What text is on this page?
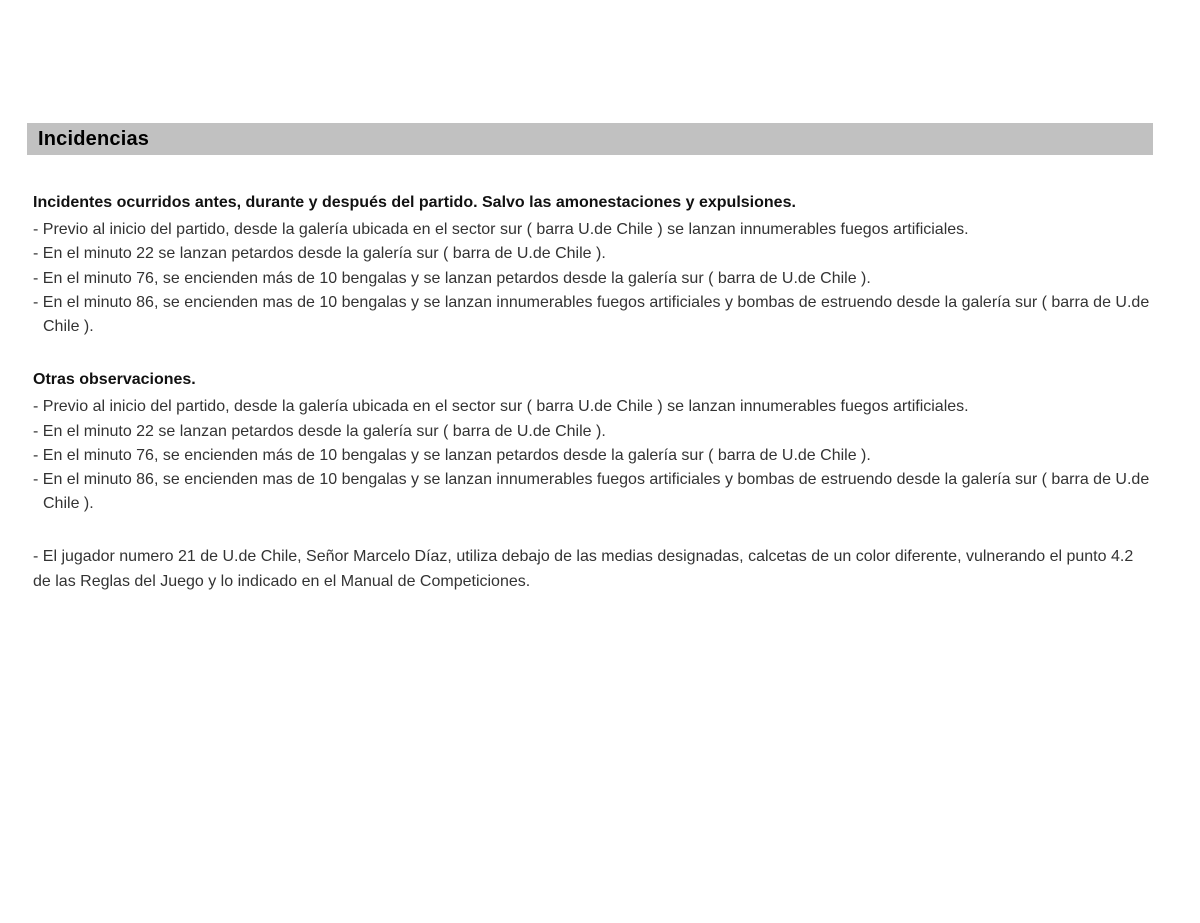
Incidencias

Incidentes ocurridos antes, durante y después del partido. Salvo las amonestaciones y expulsiones.

- Previo al inicio del partido, desde la galería ubicada en el sector sur ( barra U.de Chile ) se lanzan innumerables fuegos artificiales.

- En el minuto 22 se lanzan petardos desde la galería sur ( barra de U.de Chile ).

- En el minuto 76, se encienden más de 10 bengalas y se lanzan petardos desde la galería sur ( barra de U.de Chile ).

- En el minuto 86, se encienden mas de 10 bengalas y se lanzan innumerables fuegos artificiales y bombas de estruendo desde la galería sur ( barra de U.de Chile ).

Otras observaciones.

- Previo al inicio del partido, desde la galería ubicada en el sector sur ( barra U.de Chile ) se lanzan innumerables fuegos artificiales.

- En el minuto 22 se lanzan petardos desde la galería sur ( barra de U.de Chile ).

- En el minuto 76, se encienden más de 10 bengalas y se lanzan petardos desde la galería sur ( barra de U.de Chile ).

- En el minuto 86, se encienden mas de 10 bengalas y se lanzan innumerables fuegos artificiales y bombas de estruendo desde la galería sur ( barra de U.de Chile ).

- El jugador numero 21 de U.de Chile, Señor Marcelo Díaz, utiliza debajo de las medias designadas, calcetas de un color diferente, vulnerando el punto 4.2 de las Reglas del Juego y lo indicado en el Manual de Competiciones.
